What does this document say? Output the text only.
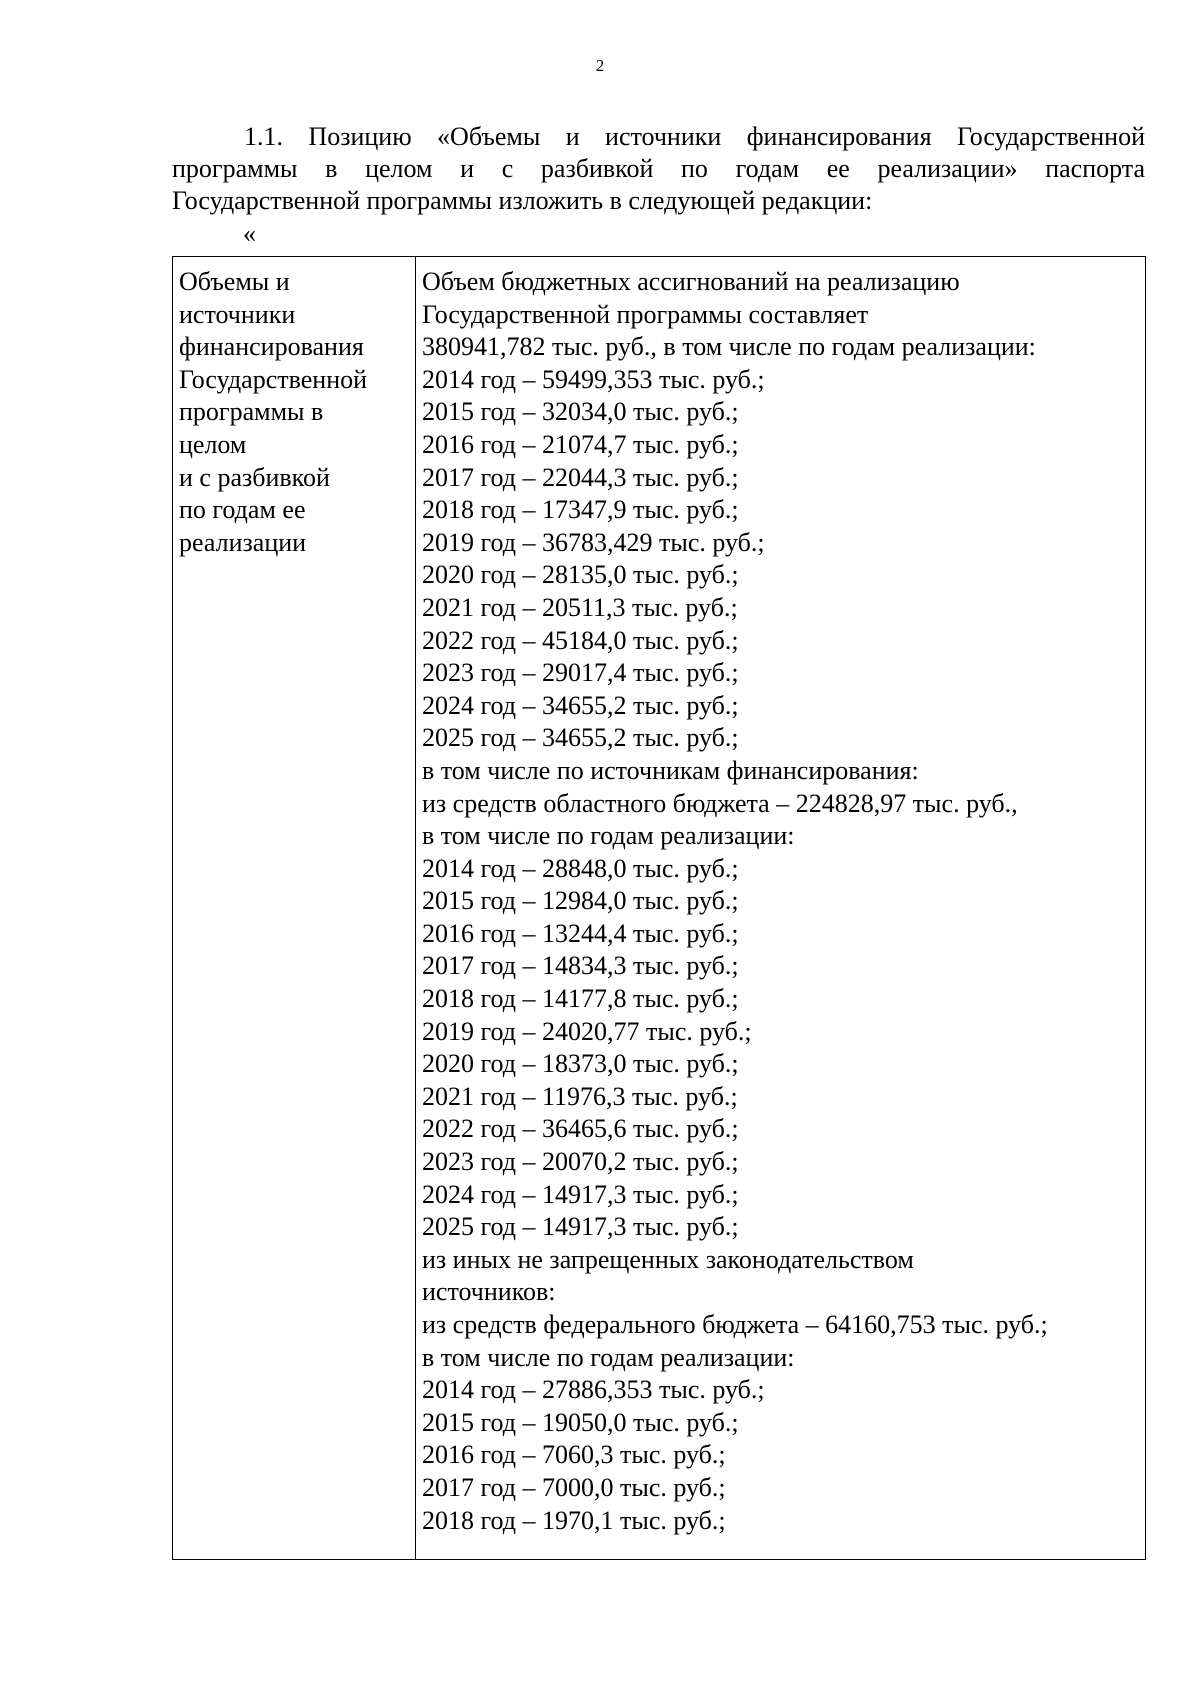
2
1.1. Позицию «Объемы и источники финансирования Государственной
программы в целом и с разбивкой по годам ее реализации» паспорта
Государственной программы изложить в следующей редакции:
«
Объемы и
источники
финансирования
Государственной
программы в
целом
и с разбивкой
по годам ее
реализации
Объем бюджетных ассигнований на реализацию
Государственной программы составляет
380941,782 тыс. руб., в том числе по годам реализации:
2014 год – 59499,353 тыс. руб.;
2015 год – 32034,0 тыс. руб.;
2016 год – 21074,7 тыс. руб.;
2017 год – 22044,3 тыс. руб.;
2018 год – 17347,9 тыс. руб.;
2019 год – 36783,429 тыс. руб.;
2020 год – 28135,0 тыс. руб.;
2021 год – 20511,3 тыс. руб.;
2022 год – 45184,0 тыс. руб.;
2023 год – 29017,4 тыс. руб.;
2024 год – 34655,2 тыс. руб.;
2025 год – 34655,2 тыс. руб.;
в том числе по источникам финансирования:
из средств областного бюджета – 224828,97 тыс. руб.,
в том числе по годам реализации:
2014 год – 28848,0 тыс. руб.;
2015 год – 12984,0 тыс. руб.;
2016 год – 13244,4 тыс. руб.;
2017 год – 14834,3 тыс. руб.;
2018 год – 14177,8 тыс. руб.;
2019 год – 24020,77 тыс. руб.;
2020 год – 18373,0 тыс. руб.;
2021 год – 11976,3 тыс. руб.;
2022 год – 36465,6 тыс. руб.;
2023 год – 20070,2 тыс. руб.;
2024 год – 14917,3 тыс. руб.;
2025 год – 14917,3 тыс. руб.;
из иных не запрещенных законодательством
источников:
из средств федерального бюджета – 64160,753 тыс. руб.;
в том числе по годам реализации:
2014 год – 27886,353 тыс. руб.;
2015 год – 19050,0 тыс. руб.;
2016 год – 7060,3 тыс. руб.;
2017 год – 7000,0 тыс. руб.;
2018 год – 1970,1 тыс. руб.;
